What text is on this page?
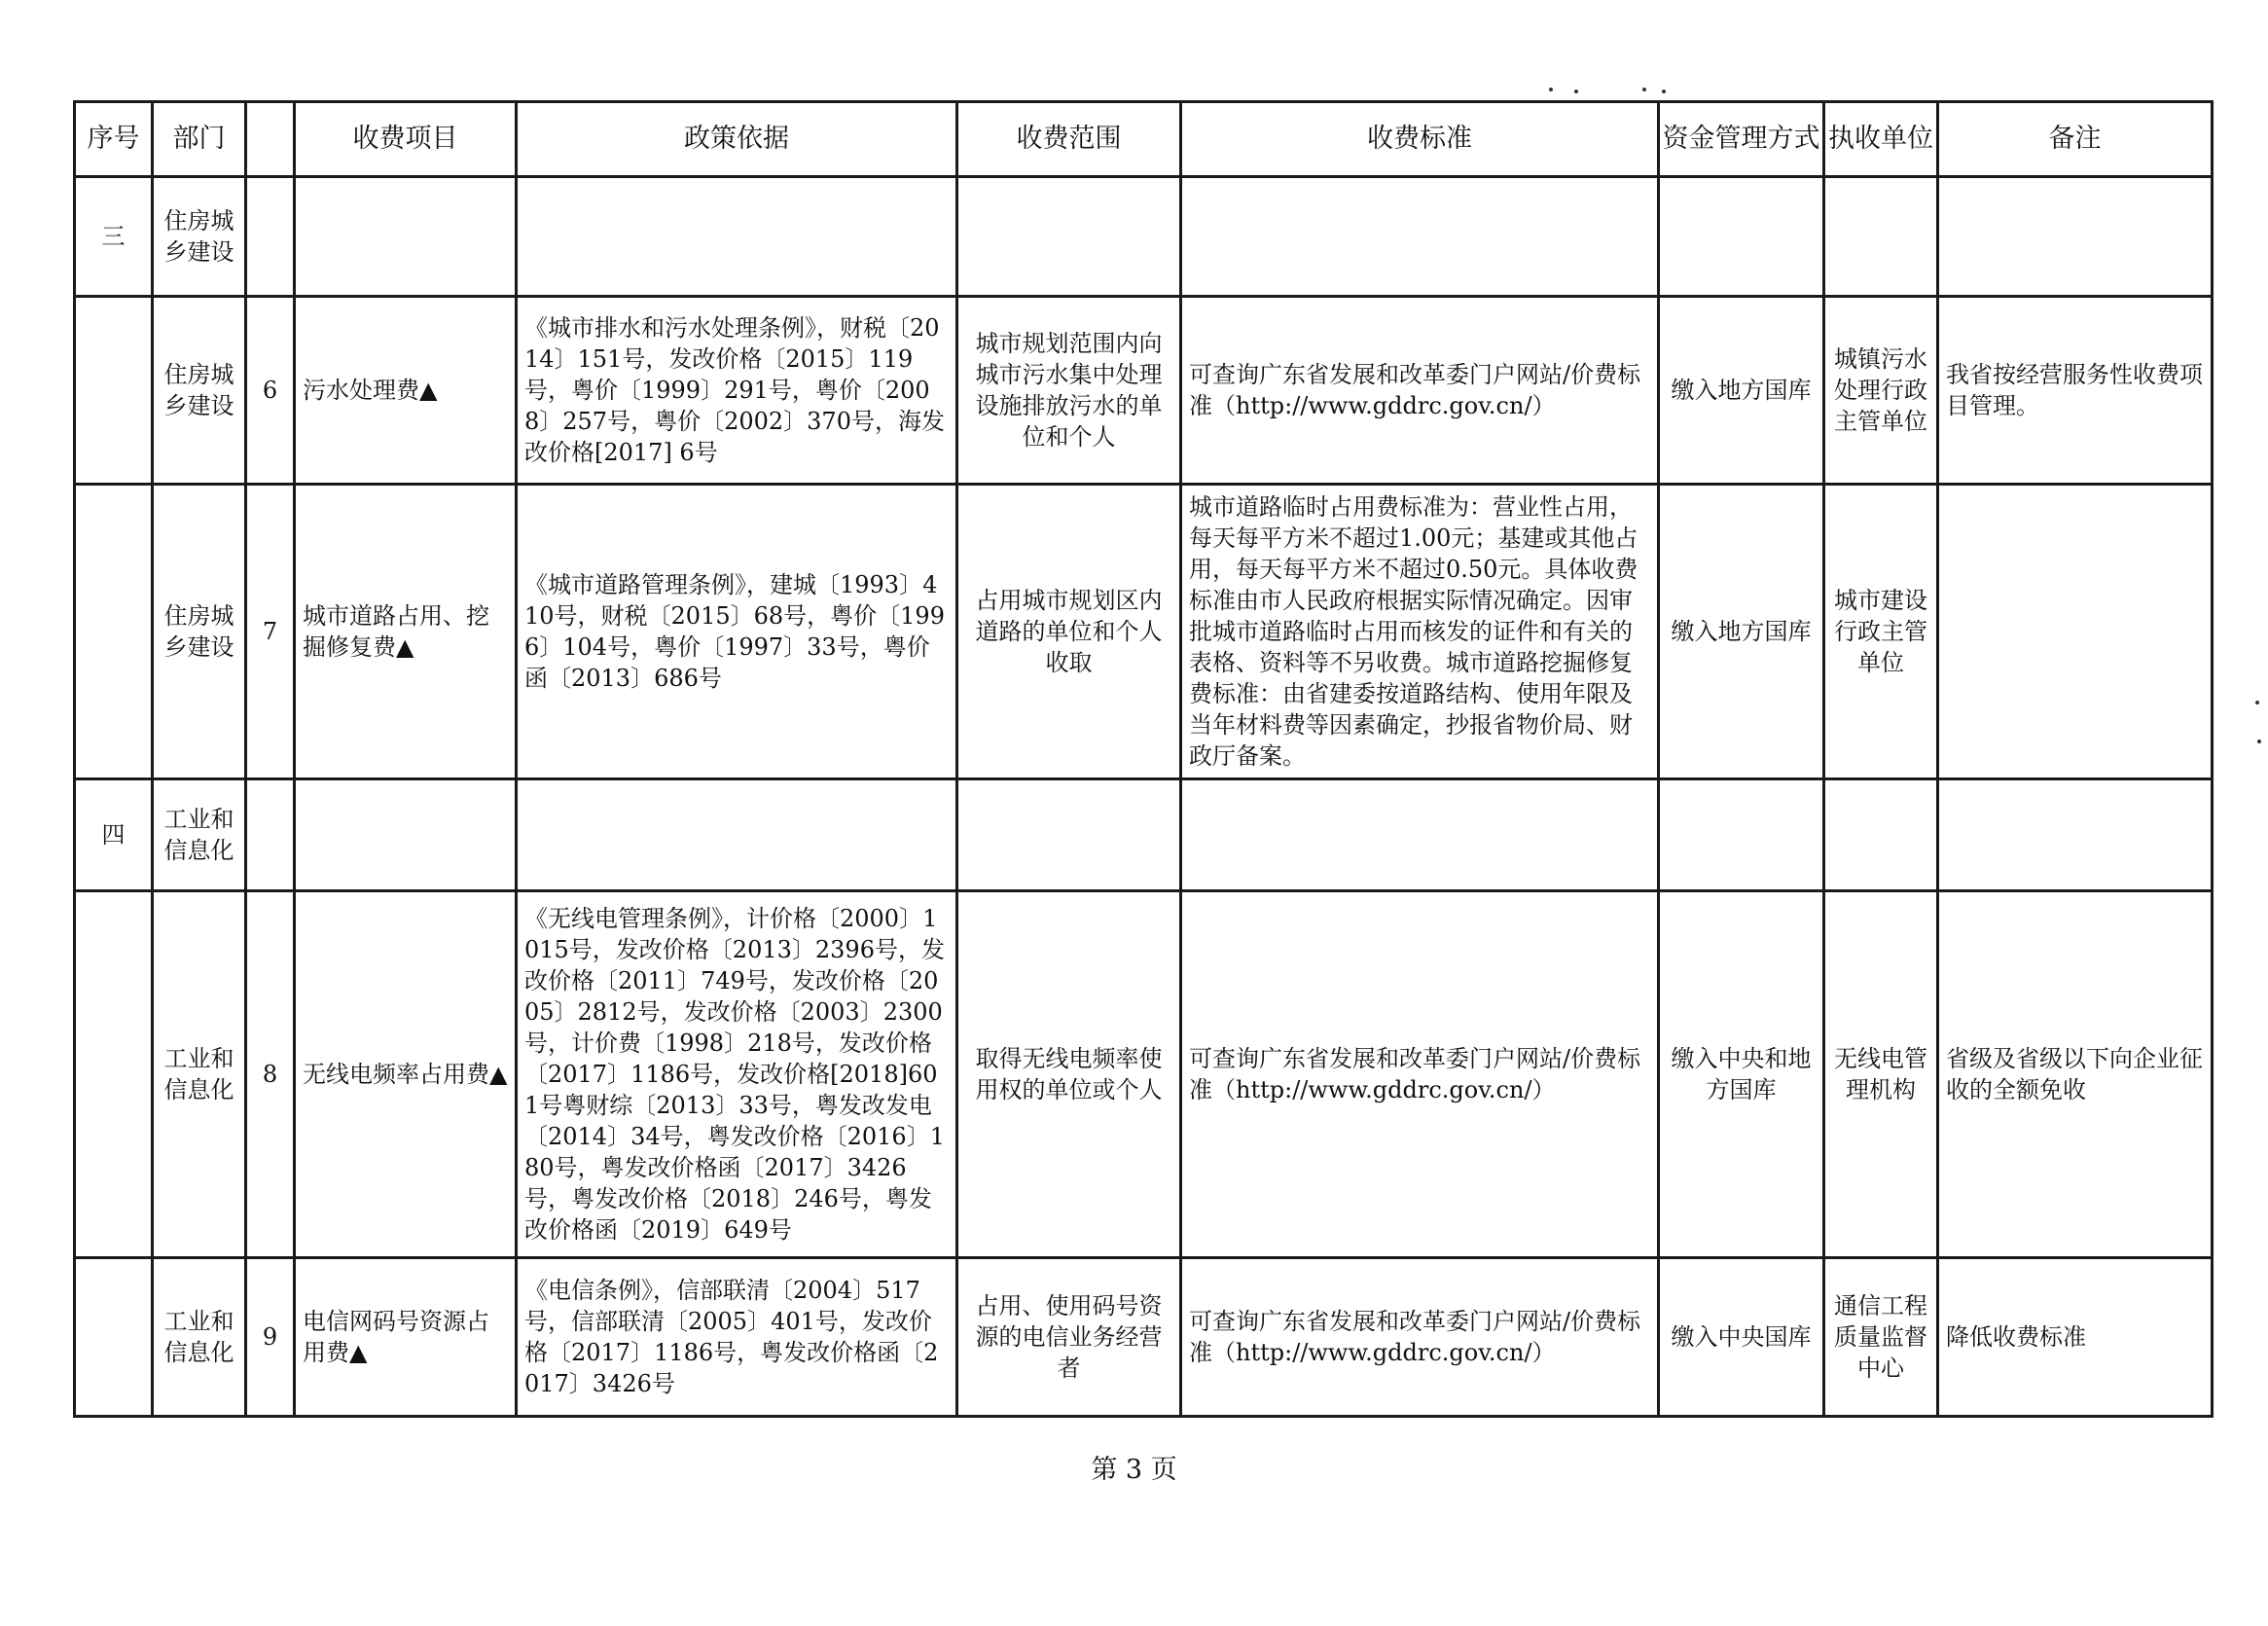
序号	部门		收费项目	政策依据	收费范围	收费标准	资金管理方式	执收单位	备注
三	住房城乡建设								
	住房城乡建设	6	污水处理费▲	《城市排水和污水处理条例》，财税〔2014〕151号，发改价格〔2015〕119号，粤价〔1999〕291号，粤价〔2008〕257号，粤价〔2002〕370号，海发改价格[2017] 6号	城市规划范围内向城市污水集中处理设施排放污水的单位和个人	可查询广东省发展和改革委门户网站/价费标准（http://www.gddrc.gov.cn/）	缴入地方国库	城镇污水处理行政主管单位	我省按经营服务性收费项目管理。
	住房城乡建设	7	城市道路占用、挖掘修复费▲	《城市道路管理条例》，建城〔1993〕410号，财税〔2015〕68号，粤价〔1996〕104号，粤价〔1997〕33号，粤价函〔2013〕686号	占用城市规划区内道路的单位和个人收取	城市道路临时占用费标准为：营业性占用，每天每平方米不超过1.00元；基建或其他占用，每天每平方米不超过0.50元。具体收费标准由市人民政府根据实际情况确定。因审批城市道路临时占用而核发的证件和有关的表格、资料等不另收费。城市道路挖掘修复费标准：由省建委按道路结构、使用年限及当年材料费等因素确定，抄报省物价局、财政厅备案。	缴入地方国库	城市建设行政主管单位	
四	工业和信息化								
	工业和信息化	8	无线电频率占用费▲	《无线电管理条例》，计价格〔2000〕1015号，发改价格〔2013〕2396号，发改价格〔2011〕749号，发改价格〔2005〕2812号，发改价格〔2003〕2300号，计价费〔1998〕218号，发改价格〔2017〕1186号，发改价格[2018]601号粤财综〔2013〕33号，粤发改发电〔2014〕34号，粤发改价格〔2016〕180号，粤发改价格函〔2017〕3426号，粤发改价格〔2018〕246号，粤发改价格函〔2019〕649号	取得无线电频率使用权的单位或个人	可查询广东省发展和改革委门户网站/价费标准（http://www.gddrc.gov.cn/）	缴入中央和地方国库	无线电管理机构	省级及省级以下向企业征收的全额免收
	工业和信息化	9	电信网码号资源占用费▲	《电信条例》，信部联清〔2004〕517号，信部联清〔2005〕401号，发改价格〔2017〕1186号，粤发改价格函〔2017〕3426号	占用、使用码号资源的电信业务经营者	可查询广东省发展和改革委门户网站/价费标准（http://www.gddrc.gov.cn/）	缴入中央国库	通信工程质量监督中心	降低收费标准
第 3 页
